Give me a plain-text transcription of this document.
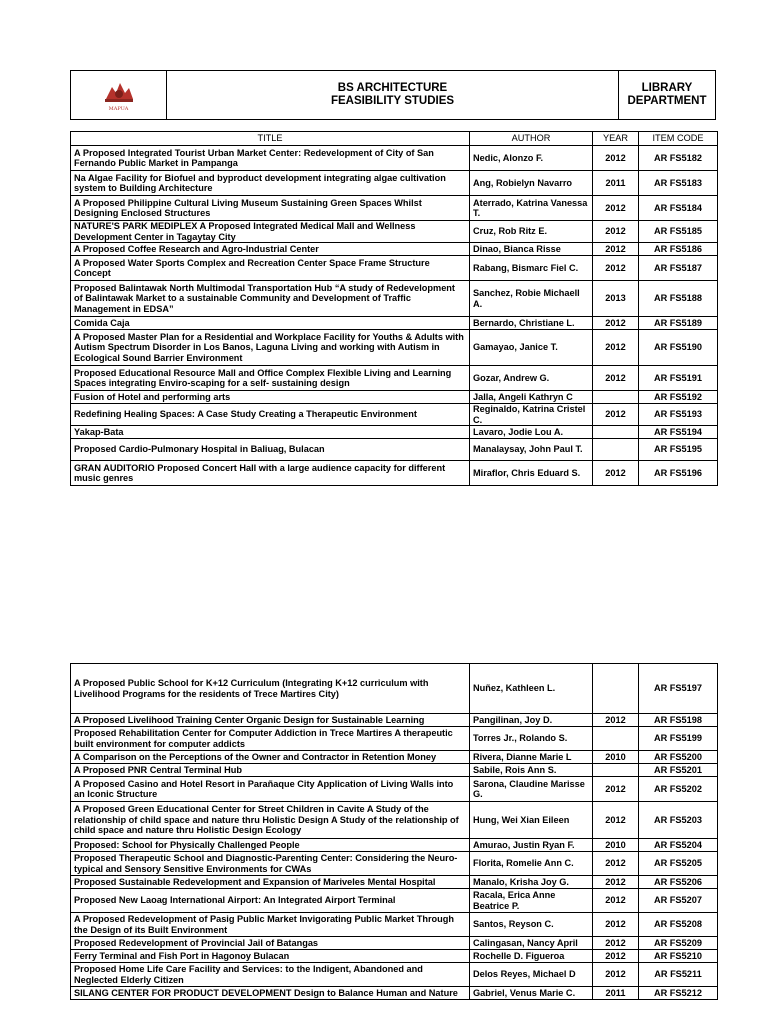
MAPUA
BS ARCHITECTURE
FEASIBILITY STUDIES
LIBRARY
DEPARTMENT
TITLE	AUTHOR	YEAR	ITEM CODE
A Proposed Integrated Tourist Urban Market Center: Redevelopment of City of San Fernando Public Market in Pampanga	Nedic, Alonzo F.	2012	AR FS5182
Na Algae Facility for Biofuel and byproduct development integrating algae cultivation system to Building Architecture	Ang, Robielyn Navarro	2011	AR FS5183
A Proposed Philippine Cultural Living Museum Sustaining Green Spaces Whilst Designing Enclosed Structures	Aterrado, Katrina Vanessa T.	2012	AR FS5184
NATURE'S PARK MEDIPLEX A Proposed Integrated Medical Mall and Wellness Development Center in Tagaytay City	Cruz, Rob Ritz E.	2012	AR FS5185
A Proposed Coffee Research and Agro-Industrial Center	Dinao, Bianca Risse	2012	AR FS5186
A Proposed Water Sports Complex and Recreation Center Space Frame Structure Concept	Rabang, Bismarc Fiel C.	2012	AR FS5187
Proposed Balintawak North Multimodal Transportation Hub “A study of Redevelopment of Balintawak Market to a sustainable Community and Development of Traffic Management in EDSA”	Sanchez, Robie Michaell A.	2013	AR FS5188
Comida Caja	Bernardo, Christiane L.	2012	AR FS5189
A Proposed Master Plan for a Residential and Workplace Facility for Youths & Adults with Autism Spectrum Disorder in Los Banos, Laguna Living and working with Autism in Ecological Sound Barrier Environment	Gamayao, Janice T.	2012	AR FS5190
Proposed Educational Resource Mall and Office Complex Flexible Living and Learning Spaces integrating Enviro-scaping for a self- sustaining design	Gozar, Andrew G.	2012	AR FS5191
Fusion of Hotel and performing arts	Jalla, Angeli Kathryn C		AR FS5192
Redefining Healing Spaces: A Case Study Creating a Therapeutic Environment	Reginaldo, Katrina Cristel C.	2012	AR FS5193
Yakap-Bata	Lavaro, Jodie Lou A.		AR FS5194
Proposed Cardio-Pulmonary Hospital in Baliuag, Bulacan	Manalaysay, John Paul T.		AR FS5195
GRAN AUDITORIO Proposed Concert Hall with a large audience capacity for different music genres	Miraflor, Chris Eduard S.	2012	AR FS5196
A Proposed Public School for K+12 Curriculum (Integrating K+12 curriculum with Livelihood Programs for the residents of Trece Martires City)	Nuñez, Kathleen L.		AR FS5197
A Proposed Livelihood Training Center Organic Design for Sustainable Learning	Pangilinan, Joy D.	2012	AR FS5198
Proposed Rehabilitation Center for Computer Addiction in Trece Martires A therapeutic built environment for computer addicts	Torres Jr., Rolando S.		AR FS5199
A Comparison on the Perceptions of the Owner and Contractor in Retention Money	Rivera, Dianne Marie L	2010	AR FS5200
A Proposed PNR Central Terminal Hub	Sabile, Rois Ann S.		AR FS5201
A Proposed Casino and Hotel Resort in Parañaque City Application of Living Walls into an Iconic Structure	Sarona, Claudine Marisse G.	2012	AR FS5202
A Proposed Green Educational Center for Street Children in Cavite A Study of the relationship of child space and nature thru Holistic Design A Study of the relationship of child space and nature thru Holistic Design Ecology	Hung, Wei Xian Eileen	2012	AR FS5203
Proposed: School for Physically Challenged People	Amurao, Justin Ryan F.	2010	AR FS5204
Proposed Therapeutic School and Diagnostic-Parenting Center: Considering the Neuro-typical and Sensory Sensitive Environments for CWAs	Florita, Romelie Ann C.	2012	AR FS5205
Proposed Sustainable Redevelopment and Expansion of Mariveles Mental Hospital	Manalo, Krisha Joy G.	2012	AR FS5206
Proposed New Laoag International Airport: An Integrated Airport Terminal	Racala, Erica Anne Beatrice P.	2012	AR FS5207
A Proposed Redevelopment of Pasig Public Market Invigorating Public Market Through the Design of its Built Environment	Santos, Reyson C.	2012	AR FS5208
Proposed Redevelopment of Provincial Jail of Batangas	Calingasan, Nancy April	2012	AR FS5209
Ferry Terminal and Fish Port in Hagonoy Bulacan	Rochelle D. Figueroa	2012	AR FS5210
Proposed Home Life Care Facility and Services: to the Indigent, Abandoned and Neglected Elderly Citizen	Delos Reyes, Michael D	2012	AR FS5211
SILANG CENTER FOR PRODUCT DEVELOPMENT Design to Balance Human and Nature	Gabriel, Venus Marie C.	2011	AR FS5212
